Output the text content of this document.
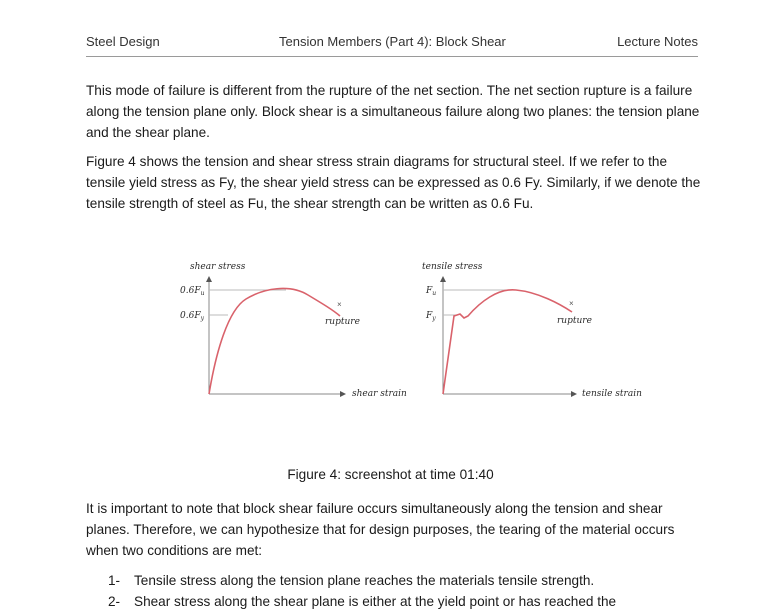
Steel Design	Tension Members (Part 4): Block Shear	Lecture Notes

This mode of failure is different from the rupture of the net section. The net section rupture is a failure along the tension plane only. Block shear is a simultaneous failure along two planes: the tension plane and the shear plane.

Figure 4 shows the tension and shear stress strain diagrams for structural steel. If we refer to the tensile yield stress as Fy, the shear yield stress can be expressed as 0.6 Fy. Similarly, if we denote the tensile strength of steel as Fu, the shear strength can be written as 0.6 Fu.

×
shear stress
shear strain
rupture
$0.6F_u$
$0.6F_y$
×
tensile stress
tensile strain
rupture
$F_u$
$F_y$
Figure 4: screenshot at time 01:40

It is important to note that block shear failure occurs simultaneously along the tension and shear planes. Therefore, we can hypothesize that for design purposes, the tearing of the material occurs when two conditions are met:

1- Tensile stress along the tension plane reaches the materials tensile strength.
2- Shear stress along the shear plane is either at the yield point or has reached the
